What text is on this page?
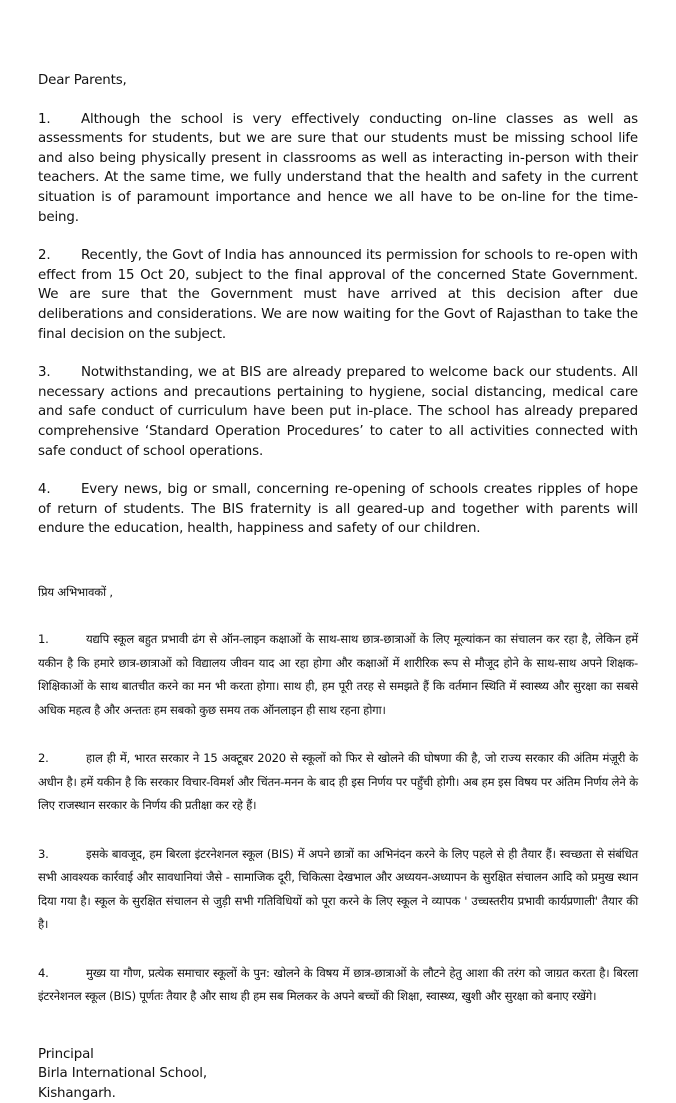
Dear Parents,

1. Although the school is very effectively conducting on-line classes as well as assessments for students, but we are sure that our students must be missing school life and also being physically present in classrooms as well as interacting in-person with their teachers. At the same time, we fully understand that the health and safety in the current situation is of paramount importance and hence we all have to be on-line for the time-being.

2. Recently, the Govt of India has announced its permission for schools to re-open with effect from 15 Oct 20, subject to the final approval of the concerned State Government. We are sure that the Government must have arrived at this decision after due deliberations and considerations. We are now waiting for the Govt of Rajasthan to take the final decision on the subject.

3. Notwithstanding, we at BIS are already prepared to welcome back our students. All necessary actions and precautions pertaining to hygiene, social distancing, medical care and safe conduct of curriculum have been put in-place. The school has already prepared comprehensive ‘Standard Operation Procedures’ to cater to all activities connected with safe conduct of school operations.

4. Every news, big or small, concerning re-opening of schools creates ripples of hope of return of students. The BIS fraternity is all geared-up and together with parents will endure the education, health, happiness and safety of our children.

प्रिय अभिभावकों ,

1.	यद्यपि स्कूल बहुत प्रभावी ढंग से ऑन-लाइन कक्षाओं के साथ-साथ छात्र-छात्राओं के लिए मूल्यांकन का संचालन कर रहा है, लेकिन हमें यकीन है कि हमारे छात्र-छात्राओं को विद्यालय जीवन याद आ रहा होगा और कक्षाओं में शारीरिक रूप से मौजूद होने के साथ-साथ अपने शिक्षक-शिक्षिकाओं के साथ बातचीत करने का मन भी करता होगा। साथ ही, हम पूरी तरह से समझते हैं कि वर्तमान स्थिति में स्वास्थ्य और सुरक्षा का सबसे अधिक महत्व है और अन्ततः हम सबको कुछ समय तक ऑनलाइन ही साथ रहना होगा।

2.	हाल ही में, भारत सरकार ने 15 अक्टूबर 2020 से स्कूलों को फिर से खोलने की घोषणा की है, जो राज्य सरकार की अंतिम मंज़ूरी के अधीन है। हमें यकीन है कि सरकार विचार-विमर्श और चिंतन-मनन के बाद ही इस निर्णय पर पहुँची होगी। अब हम इस विषय पर अंतिम निर्णय लेने के लिए राजस्थान सरकार के निर्णय की प्रतीक्षा कर रहे हैं।

3.	इसके बावजूद, हम बिरला इंटरनेशनल स्कूल (BIS) में अपने छात्रों का अभिनंदन करने के लिए पहले से ही तैयार हैं। स्वच्छता से संबंधित सभी आवश्यक कार्रवाई और सावधानियां जैसे - सामाजिक दूरी, चिकित्सा देखभाल और अध्ययन-अध्यापन के सुरक्षित संचालन आदि को प्रमुख स्थान दिया गया है। स्कूल के सुरक्षित संचालन से जुड़ी सभी गतिविधियों को पूरा करने के लिए स्कूल ने व्यापक ' उच्चस्तरीय प्रभावी कार्यप्रणाली' तैयार की है।

4.	मुख्य या गौण, प्रत्येक समाचार स्कूलों के पुन: खोलने के विषय में छात्र-छात्राओं के लौटने हेतु आशा की तरंग को जाग्रत करता है। बिरला इंटरनेशनल स्कूल (BIS) पूर्णतः तैयार है और साथ ही हम सब मिलकर के अपने बच्चों की शिक्षा, स्वास्थ्य, खुशी और सुरक्षा को बनाए रखेंगे।

Principal
Birla International School,
Kishangarh.
